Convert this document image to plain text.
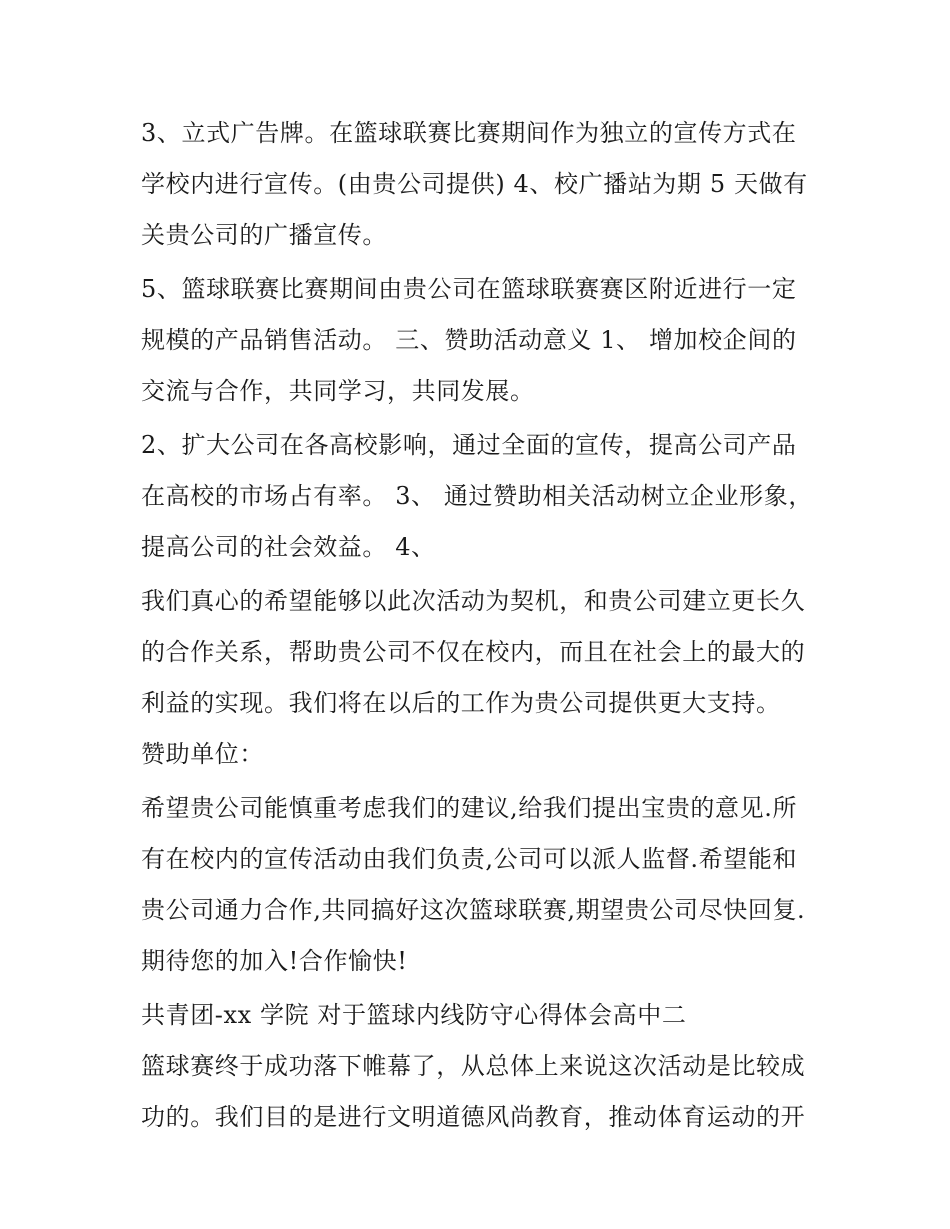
3、立式广告牌。在篮球联赛比赛期间作为独立的宣传方式在
学校内进行宣传。(由贵公司提供) 4、校广播站为期 5 天做有
关贵公司的广播宣传。
5、篮球联赛比赛期间由贵公司在篮球联赛赛区附近进行一定
规模的产品销售活动。 三、赞助活动意义 1、 增加校企间的
交流与合作，共同学习，共同发展。
2、扩大公司在各高校影响，通过全面的宣传，提高公司产品
在高校的市场占有率。 3、 通过赞助相关活动树立企业形象，
提高公司的社会效益。 4、
我们真心的希望能够以此次活动为契机，和贵公司建立更长久
的合作关系，帮助贵公司不仅在校内，而且在社会上的最大的
利益的实现。我们将在以后的工作为贵公司提供更大支持。
赞助单位：
希望贵公司能慎重考虑我们的建议,给我们提出宝贵的意见.所
有在校内的宣传活动由我们负责,公司可以派人监督.希望能和
贵公司通力合作,共同搞好这次篮球联赛,期望贵公司尽快回复.
期待您的加入!合作愉快!
共青团-xx 学院 对于篮球内线防守心得体会高中二
篮球赛终于成功落下帷幕了，从总体上来说这次活动是比较成
功的。我们目的是进行文明道德风尚教育，推动体育运动的开
